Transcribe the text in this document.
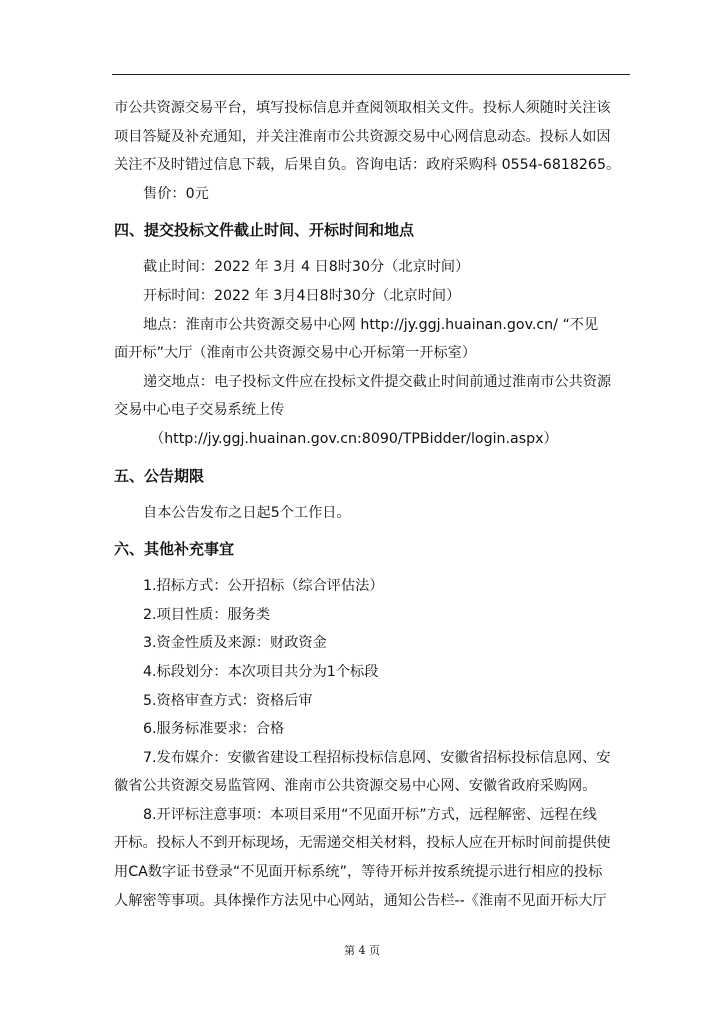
市公共资源交易平台，填写投标信息并查阅领取相关文件。投标人须随时关注该
项目答疑及补充通知，并关注淮南市公共资源交易中心网信息动态。投标人如因
关注不及时错过信息下载，后果自负。咨询电话：政府采购科 0554-6818265。
售价：0元
四、提交投标文件截止时间、开标时间和地点
截止时间：2022 年 3月 4 日8时30分（北京时间）
开标时间：2022 年 3月4日8时30分（北京时间）
地点：淮南市公共资源交易中心网 http://jy.ggj.huainan.gov.cn/ “不见
面开标”大厅（淮南市公共资源交易中心开标第一开标室）
递交地点：电子投标文件应在投标文件提交截止时间前通过淮南市公共资源
交易中心电子交易系统上传
（http://jy.ggj.huainan.gov.cn:8090/TPBidder/login.aspx）
五、公告期限
自本公告发布之日起5个工作日。
六、其他补充事宜
1.招标方式：公开招标（综合评估法）
2.项目性质：服务类
3.资金性质及来源：财政资金
4.标段划分：本次项目共分为1个标段
5.资格审查方式：资格后审
6.服务标准要求：合格
7.发布媒介：安徽省建设工程招标投标信息网、安徽省招标投标信息网、安
徽省公共资源交易监管网、淮南市公共资源交易中心网、安徽省政府采购网。
8.开评标注意事项：本项目采用“不见面开标”方式，远程解密、远程在线
开标。投标人不到开标现场，无需递交相关材料，投标人应在开标时间前提供使
用CA数字证书登录“不见面开标系统”，等待开标并按系统提示进行相应的投标
人解密等事项。具体操作方法见中心网站，通知公告栏--《淮南不见面开标大厅
第 4 页
